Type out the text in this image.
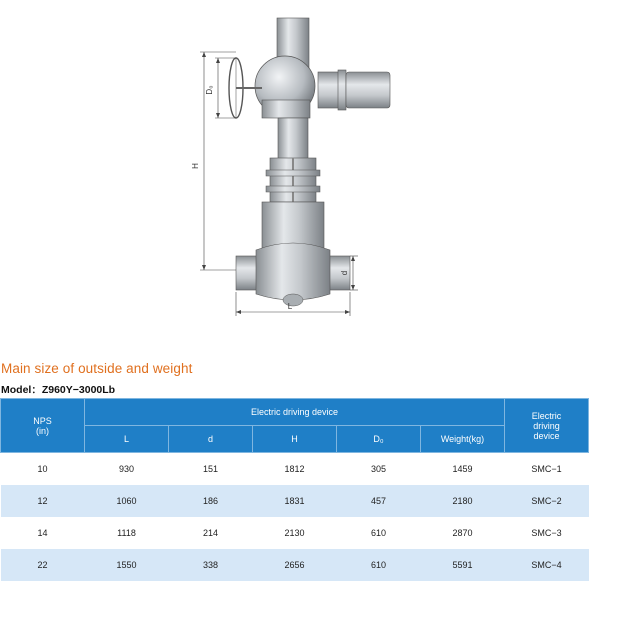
D₀
H
d
L
Main size of outside and weight
Model：Z960Y−3000Lb
NPS
(in)	Electric driving device					Electric
driving
device
	L	d	H	D₀	Weight(kg)	
10	930	151	1812	305	1459	SMC−1
12	1060	186	1831	457	2180	SMC−2
14	1118	214	2130	610	2870	SMC−3
22	1550	338	2656	610	5591	SMC−4
